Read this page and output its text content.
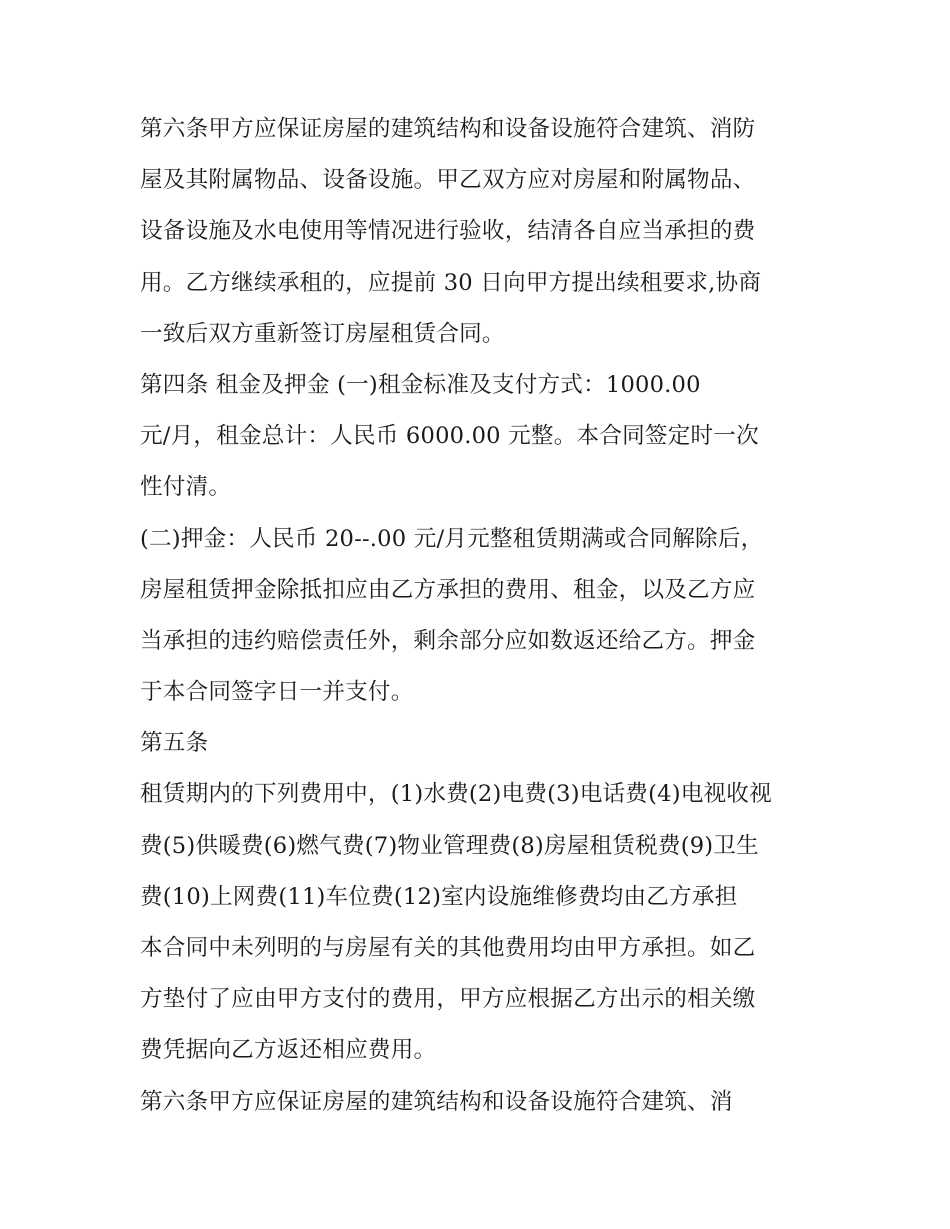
第六条甲方应保证房屋的建筑结构和设备设施符合建筑、消防
屋及其附属物品、设备设施。甲乙双方应对房屋和附属物品、
设备设施及水电使用等情况进行验收，结清各自应当承担的费
用。乙方继续承租的，应提前 30 日向甲方提出续租要求,协商
一致后双方重新签订房屋租赁合同。
第四条 租金及押金 (一)租金标准及支付方式：1000.00
元/月，租金总计：人民币 6000.00 元整。本合同签定时一次
性付清。
(二)押金：人民币 20--.00 元/月元整租赁期满或合同解除后，
房屋租赁押金除抵扣应由乙方承担的费用、租金，以及乙方应
当承担的违约赔偿责任外，剩余部分应如数返还给乙方。押金
于本合同签字日一并支付。
第五条
租赁期内的下列费用中，(1)水费(2)电费(3)电话费(4)电视收视
费(5)供暖费(6)燃气费(7)物业管理费(8)房屋租赁税费(9)卫生
费(10)上网费(11)车位费(12)室内设施维修费均由乙方承担
本合同中未列明的与房屋有关的其他费用均由甲方承担。如乙
方垫付了应由甲方支付的费用，甲方应根据乙方出示的相关缴
费凭据向乙方返还相应费用。
第六条甲方应保证房屋的建筑结构和设备设施符合建筑、消
